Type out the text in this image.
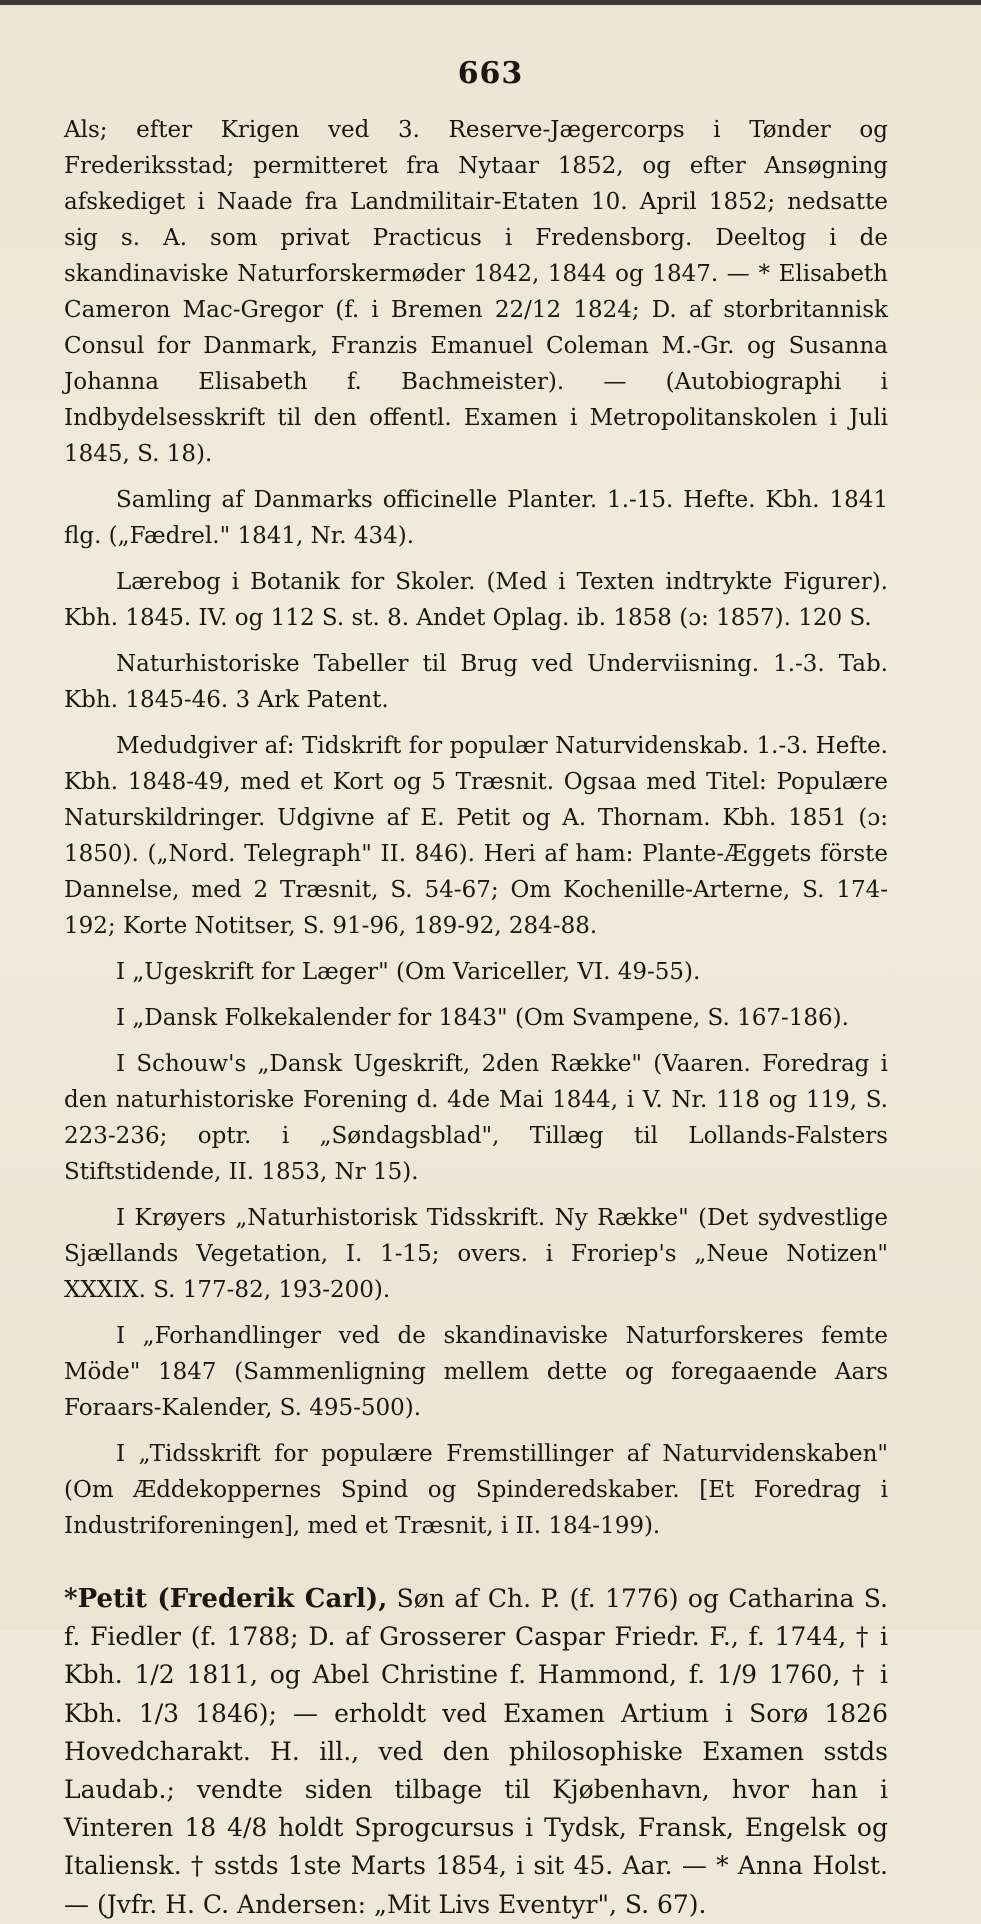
663

Als; efter Krigen ved 3. Reserve-Jægercorps i Tønder og Frederiksstad; permitteret fra Nytaar 1852, og efter Ansøgning afskediget i Naade fra Landmilitair-Etaten 10. April 1852; nedsatte sig s. A. som privat Practicus i Fredensborg. Deeltog i de skandinaviske Naturforskermøder 1842, 1844 og 1847. — * Elisabeth Cameron Mac-Gregor (f. i Bremen 22/12 1824; D. af storbritannisk Consul for Danmark, Franzis Emanuel Coleman M.-Gr. og Susanna Johanna Elisabeth f. Bachmeister). — (Autobiographi i Indbydelsesskrift til den offentl. Examen i Metropolitanskolen i Juli 1845, S. 18).

Samling af Danmarks officinelle Planter. 1.-15. Hefte. Kbh. 1841 flg. („Fædrel." 1841, Nr. 434).

Lærebog i Botanik for Skoler. (Med i Texten indtrykte Figurer). Kbh. 1845. IV. og 112 S. st. 8. Andet Oplag. ib. 1858 (ɔ: 1857). 120 S.

Naturhistoriske Tabeller til Brug ved Underviisning. 1.-3. Tab. Kbh. 1845-46. 3 Ark Patent.

Medudgiver af: Tidskrift for populær Naturvidenskab. 1.-3. Hefte. Kbh. 1848-49, med et Kort og 5 Træsnit. Ogsaa med Titel: Populære Naturskildringer. Udgivne af E. Petit og A. Thornam. Kbh. 1851 (ɔ: 1850). („Nord. Telegraph" II. 846). Heri af ham: Plante-Æggets förste Dannelse, med 2 Træsnit, S. 54-67; Om Kochenille-Arterne, S. 174-192; Korte Notitser, S. 91-96, 189-92, 284-88.

I „Ugeskrift for Læger" (Om Variceller, VI. 49-55).

I „Dansk Folkekalender for 1843" (Om Svampene, S. 167-186).

I Schouw's „Dansk Ugeskrift, 2den Række" (Vaaren. Foredrag i den naturhistoriske Forening d. 4de Mai 1844, i V. Nr. 118 og 119, S. 223-236; optr. i „Søndagsblad", Tillæg til Lollands-Falsters Stiftstidende, II. 1853, Nr 15).

I Krøyers „Naturhistorisk Tidsskrift. Ny Række" (Det sydvestlige Sjællands Vegetation, I. 1-15; overs. i Froriep's „Neue Notizen" XXXIX. S. 177-82, 193-200).

I „Forhandlinger ved de skandinaviske Naturforskeres femte Möde" 1847 (Sammenligning mellem dette og foregaaende Aars Foraars-Kalender, S. 495-500).

I „Tidsskrift for populære Fremstillinger af Naturvidenskaben" (Om Æddekoppernes Spind og Spinderedskaber. [Et Foredrag i Industriforeningen], med et Træsnit, i II. 184-199).

*Petit (Frederik Carl), Søn af Ch. P. (f. 1776) og Catharina S. f. Fiedler (f. 1788; D. af Grosserer Caspar Friedr. F., f. 1744, † i Kbh. 1/2 1811, og Abel Christine f. Hammond, f. 1/9 1760, † i Kbh. 1/3 1846); — erholdt ved Examen Artium i Sorø 1826 Hovedcharakt. H. ill., ved den philosophiske Examen sstds Laudab.; vendte siden tilbage til Kjøbenhavn, hvor han i Vinteren 18 4/8 holdt Sprogcursus i Tydsk, Fransk, Engelsk og Italiensk. † sstds 1ste Marts 1854, i sit 45. Aar. — * Anna Holst. — (Jvfr. H. C. Andersen: „Mit Livs Eventyr", S. 67).
